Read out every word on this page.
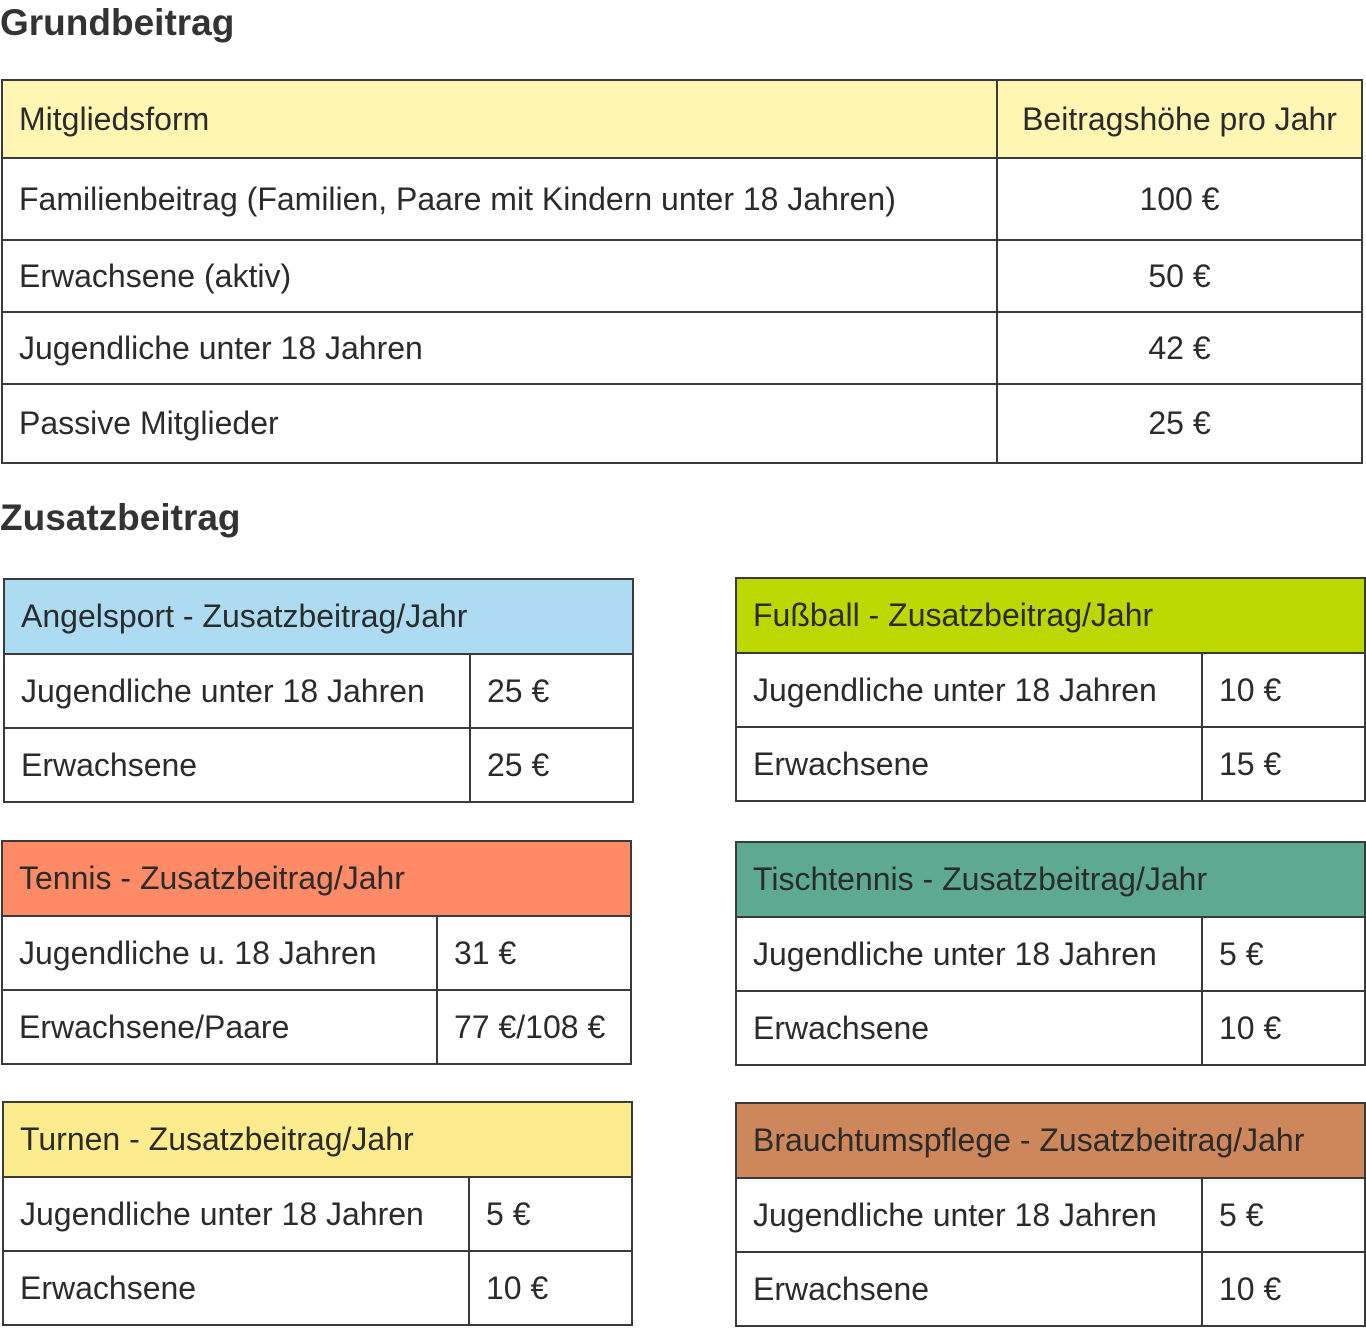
Grundbeitrag
Mitgliedsform	Beitragshöhe pro Jahr
Familienbeitrag (Familien, Paare mit Kindern unter 18 Jahren)	100 €
Erwachsene (aktiv)	50 €
Jugendliche unter 18 Jahren	42 €
Passive Mitglieder	25 €
Zusatzbeitrag
Angelsport - Zusatzbeitrag/Jahr	
Jugendliche unter 18 Jahren	25 €
Erwachsene	25 €
Fußball - Zusatzbeitrag/Jahr	
Jugendliche unter 18 Jahren	10 €
Erwachsene	15 €
Tennis - Zusatzbeitrag/Jahr	
Jugendliche u. 18 Jahren	31 €
Erwachsene/Paare	77 €/108 €
Tischtennis - Zusatzbeitrag/Jahr	
Jugendliche unter 18 Jahren	5 €
Erwachsene	10 €
Turnen - Zusatzbeitrag/Jahr	
Jugendliche unter 18 Jahren	5 €
Erwachsene	10 €
Brauchtumspflege - Zusatzbeitrag/Jahr	
Jugendliche unter 18 Jahren	5 €
Erwachsene	10 €
